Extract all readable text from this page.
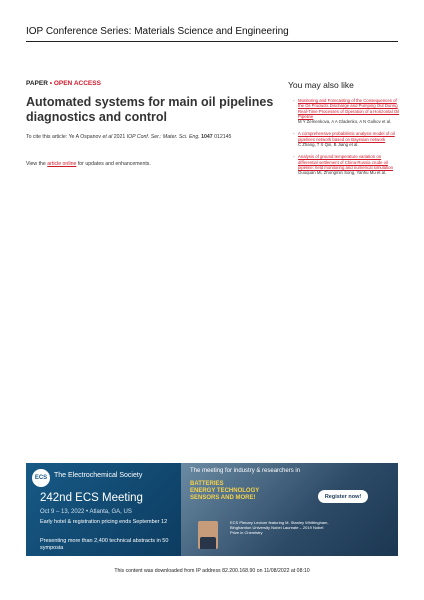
IOP Conference Series: Materials Science and Engineering
PAPER • OPEN ACCESS
Automated systems for main oil pipelines diagnostics and control
To cite this article: Ye A Ospanov et al 2021 IOP Conf. Ser.: Mater. Sci. Eng. 1047 012145
View the article online for updates and enhancements.
You may also like
- Monitoring and Forecasting of the Consequences of the Oil Products Discharge and Pumping Out During Real-Time Processes of Operation of a Horizontal Oil Pipeline
M Y Zemenkova, A A Gladenko, A N Gulkov et al.
- A comprehensive probabilistic analysis model of oil pipelines network based on Bayesian network
C Zhang, T X Qin, B Jiang et al.
- Analysis of ground temperature variation on differential settlement of China-Russia crude oil pipeline: field monitoring and numerical simulation
Guoquan Mi, Zhongmin Song, Yanhu Mu et al.
ECS The Electrochemical Society
242nd ECS Meeting
Oct 9 – 13, 2022 • Atlanta, GA, US
Early hotel & registration pricing ends September 12
Presenting more than 2,400 technical abstracts in 50 symposia
The meeting for industry & researchers in
BATTERIES
ENERGY TECHNOLOGY
SENSORS AND MORE!	Register now!
ECS Plenary Lecture featuring M. Stanley Whittingham, Binghamton University Nobel Laureate – 2019 Nobel Prize in Chemistry
This content was downloaded from IP address 82.200.168.90 on 11/08/2022 at 08:10
